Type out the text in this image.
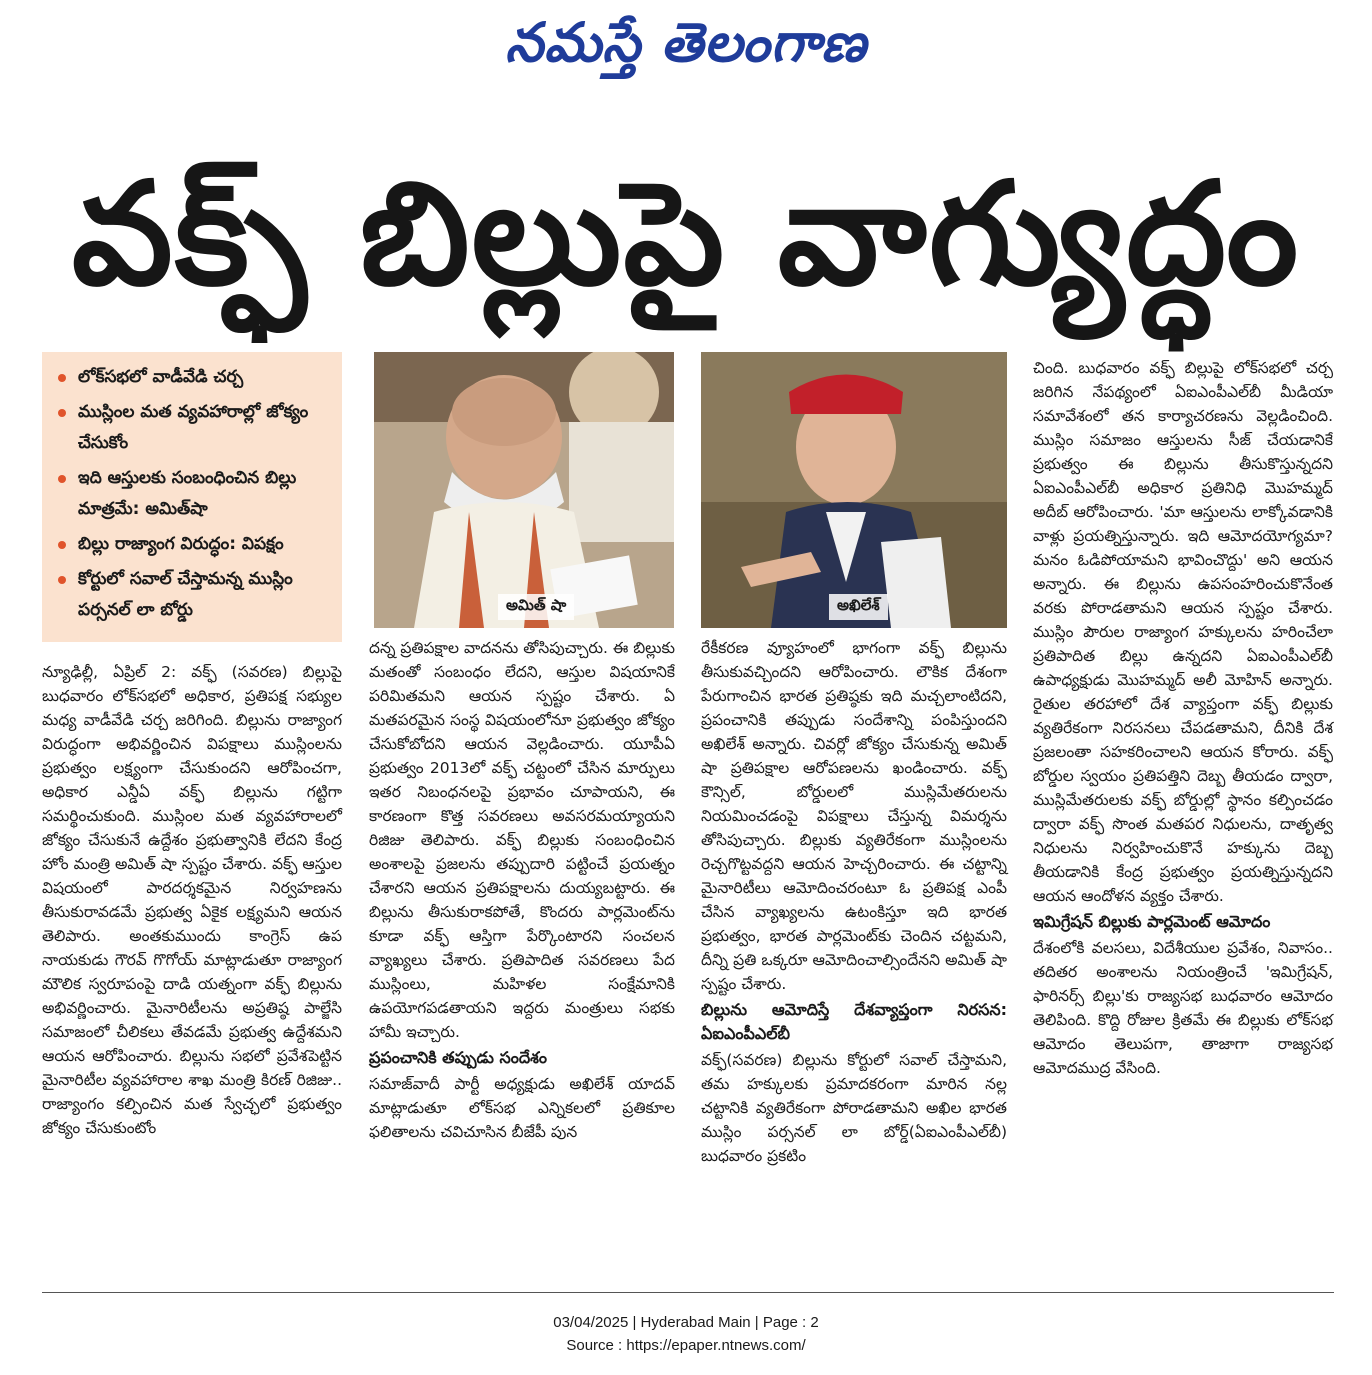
నమస్తే తెలంగాణ
వక్ఫ్ బిల్లుపై వాగ్యుద్ధం
లోక్‌సభలో వాడీవేడి చర్చ
ముస్లింల మత వ్యవహారాల్లో జోక్యం చేసుకోం
ఇది ఆస్తులకు సంబంధించిన బిల్లు మాత్రమే: అమిత్‌షా
బిల్లు రాజ్యాంగ విరుద్ధం: విపక్షం
కోర్టులో సవాల్ చేస్తామన్న ముస్లిం పర్సనల్ లా బోర్డు	అమిత్ షా	అఖిలేశ్

న్యూఢిల్లీ, ఏప్రిల్ 2: వక్ఫ్ (సవరణ) బిల్లుపై బుధవారం లోక్‌సభలో అధికార, ప్రతిపక్ష సభ్యుల మధ్య వాడీవేడి చర్చ జరిగింది. బిల్లును రాజ్యాంగ విరుద్ధంగా అభివర్ణించిన విపక్షాలు ముస్లింలను ప్రభుత్వం లక్ష్యంగా చేసుకుందని ఆరోపించగా, అధికార ఎన్డీఏ వక్ఫ్ బిల్లును గట్టిగా సమర్థించుకుంది. ముస్లింల మత వ్యవహారాలలో జోక్యం చేసుకునే ఉద్దేశం ప్రభుత్వానికి లేదని కేంద్ర హోం మంత్రి అమిత్ షా స్పష్టం చేశారు. వక్ఫ్ ఆస్తుల విషయంలో పారదర్శకమైన నిర్వహణను తీసుకురావడమే ప్రభుత్వ ఏకైక లక్ష్యమని ఆయన తెలిపారు. అంతకుముందు కాంగ్రెస్ ఉప నాయకుడు గౌరవ్ గొగోయ్ మాట్లాడుతూ రాజ్యాంగ మౌలిక స్వరూపంపై దాడి యత్నంగా వక్ఫ్ బిల్లును అభివర్ణించారు. మైనారిటీలను అప్రతిష్ఠ పాల్జేసి సమాజంలో చీలికలు తేవడమే ప్రభుత్వ ఉద్దేశమని ఆయన ఆరోపించారు. బిల్లును సభలో ప్రవేశపెట్టిన మైనారిటీల వ్యవహారాల శాఖ మంత్రి కిరణ్ రిజిజు.. రాజ్యాంగం కల్పించిన మత స్వేచ్ఛలో ప్రభుత్వం జోక్యం చేసుకుంటోం

దన్న ప్రతిపక్షాల వాదనను తోసిపుచ్చారు. ఈ బిల్లుకు మతంతో సంబంధం లేదని, ఆస్తుల విషయానికే పరిమితమని ఆయన స్పష్టం చేశారు. ఏ మతపరమైన సంస్థ విషయంలోనూ ప్రభుత్వం జోక్యం చేసుకోబోదని ఆయన వెల్లడించారు. యూపీఏ ప్రభుత్వం 2013లో వక్ఫ్ చట్టంలో చేసిన మార్పులు ఇతర నిబంధనలపై ప్రభావం చూపాయని, ఈ కారణంగా కొత్త సవరణలు అవసరమయ్యాయని రిజిజు తెలిపారు. వక్ఫ్ బిల్లుకు సంబంధించిన అంశాలపై ప్రజలను తప్పుదారి పట్టించే ప్రయత్నం చేశారని ఆయన ప్రతిపక్షాలను దుయ్యబట్టారు. ఈ బిల్లును తీసుకురాకపోతే, కొందరు పార్లమెంట్‌ను కూడా వక్ఫ్ ఆస్తిగా పేర్కొంటారని సంచలన వ్యాఖ్యలు చేశారు. ప్రతిపాదిత సవరణలు పేద ముస్లింలు, మహిళల సంక్షేమానికి ఉపయోగపడతాయని ఇద్దరు మంత్రులు సభకు హామీ ఇచ్చారు.

ప్రపంచానికి తప్పుడు సందేశం

సమాజ్‌వాదీ పార్టీ అధ్యక్షుడు అఖిలేశ్ యాదవ్ మాట్లాడుతూ లోక్‌సభ ఎన్నికలలో ప్రతికూల ఫలితాలను చవిచూసిన బీజేపీ పున

రేకీకరణ వ్యూహంలో భాగంగా వక్ఫ్ బిల్లును తీసుకువచ్చిందని ఆరోపించారు. లౌకిక దేశంగా పేరుగాంచిన భారత ప్రతిష్ఠకు ఇది మచ్చలాంటిదని, ప్రపంచానికి తప్పుడు సందేశాన్ని పంపిస్తుందని అఖిలేశ్ అన్నారు. చివర్లో జోక్యం చేసుకున్న అమిత్ షా ప్రతిపక్షాల ఆరోపణలను ఖండించారు. వక్ఫ్ కౌన్సిల్, బోర్డులలో ముస్లిమేతరులను నియమించడంపై విపక్షాలు చేస్తున్న విమర్శను తోసిపుచ్చారు. బిల్లుకు వ్యతిరేకంగా ముస్లింలను రెచ్చగొట్టవద్దని ఆయన హెచ్చరించారు. ఈ చట్టాన్ని మైనారిటీలు ఆమోదించరంటూ ఓ ప్రతిపక్ష ఎంపీ చేసిన వ్యాఖ్యలను ఉటంకిస్తూ ఇది భారత ప్రభుత్వం, భారత పార్లమెంట్‌కు చెందిన చట్టమని, దీన్ని ప్రతి ఒక్కరూ ఆమోదించాల్సిందేనని అమిత్ షా స్పష్టం చేశారు.

బిల్లును ఆమోదిస్తే దేశవ్యాప్తంగా నిరసన: ఏఐఎంపీఎల్‌బీ

వక్ఫ్(సవరణ) బిల్లును కోర్టులో సవాల్ చేస్తామని, తమ హక్కులకు ప్రమాదకరంగా మారిన నల్ల చట్టానికి వ్యతిరేకంగా పోరాడతామని అఖిల భారత ముస్లిం పర్సనల్ లా బోర్డ్(ఏఐఎంపీఎల్‌బీ) బుధవారం ప్రకటిం

చింది. బుధవారం వక్ఫ్ బిల్లుపై లోక్‌సభలో చర్చ జరిగిన నేపథ్యంలో ఏఐఎంపీఎల్‌బీ మీడియా సమావేశంలో తన కార్యాచరణను వెల్లడించింది. ముస్లిం సమాజం ఆస్తులను సీజ్ చేయడానికే ప్రభుత్వం ఈ బిల్లును తీసుకొస్తున్నదని ఏఐఎంపీఎల్‌బీ అధికార ప్రతినిధి మొహమ్మద్ అదీబ్ ఆరోపించారు. 'మా ఆస్తులను లాక్కోవడానికి వాళ్లు ప్రయత్నిస్తున్నారు. ఇది ఆమోదయోగ్యమా? మనం ఓడిపోయామని భావించొద్దు' అని ఆయన అన్నారు. ఈ బిల్లును ఉపసంహరించుకొనేంత వరకు పోరాడతామని ఆయన స్పష్టం చేశారు. ముస్లిం పౌరుల రాజ్యాంగ హక్కులను హరించేలా ప్రతిపాదిత బిల్లు ఉన్నదని ఏఐఎంపీఎల్‌బీ ఉపాధ్యక్షుడు మొహమ్మద్ అలీ మోహిన్ అన్నారు. రైతుల తరహాలో దేశ వ్యాప్తంగా వక్ఫ్ బిల్లుకు వ్యతిరేకంగా నిరసనలు చేపడతామని, దీనికి దేశ ప్రజలంతా సహకరించాలని ఆయన కోరారు. వక్ఫ్ బోర్డుల స్వయం ప్రతిపత్తిని దెబ్బ తీయడం ద్వారా, ముస్లిమేతరులకు వక్ఫ్ బోర్డుల్లో స్థానం కల్పించడం ద్వారా వక్ఫ్ సొంత మతపర నిధులను, దాతృత్వ నిధులను నిర్వహించుకొనే హక్కును దెబ్బ తీయడానికి కేంద్ర ప్రభుత్వం ప్రయత్నిస్తున్నదని ఆయన ఆందోళన వ్యక్తం చేశారు.

ఇమిగ్రేషన్ బిల్లుకు పార్లమెంట్ ఆమోదం

దేశంలోకి వలసలు, విదేశీయుల ప్రవేశం, నివాసం.. తదితర అంశాలను నియంత్రించే 'ఇమిగ్రేషన్, ఫారినర్స్ బిల్లు'కు రాజ్యసభ బుధవారం ఆమోదం తెలిపింది. కొద్ది రోజుల క్రితమే ఈ బిల్లుకు లోక్‌సభ ఆమోదం తెలుపగా, తాజాగా రాజ్యసభ ఆమోదముద్ర వేసింది.

03/04/2025 | Hyderabad Main | Page : 2
Source : https://epaper.ntnews.com/
